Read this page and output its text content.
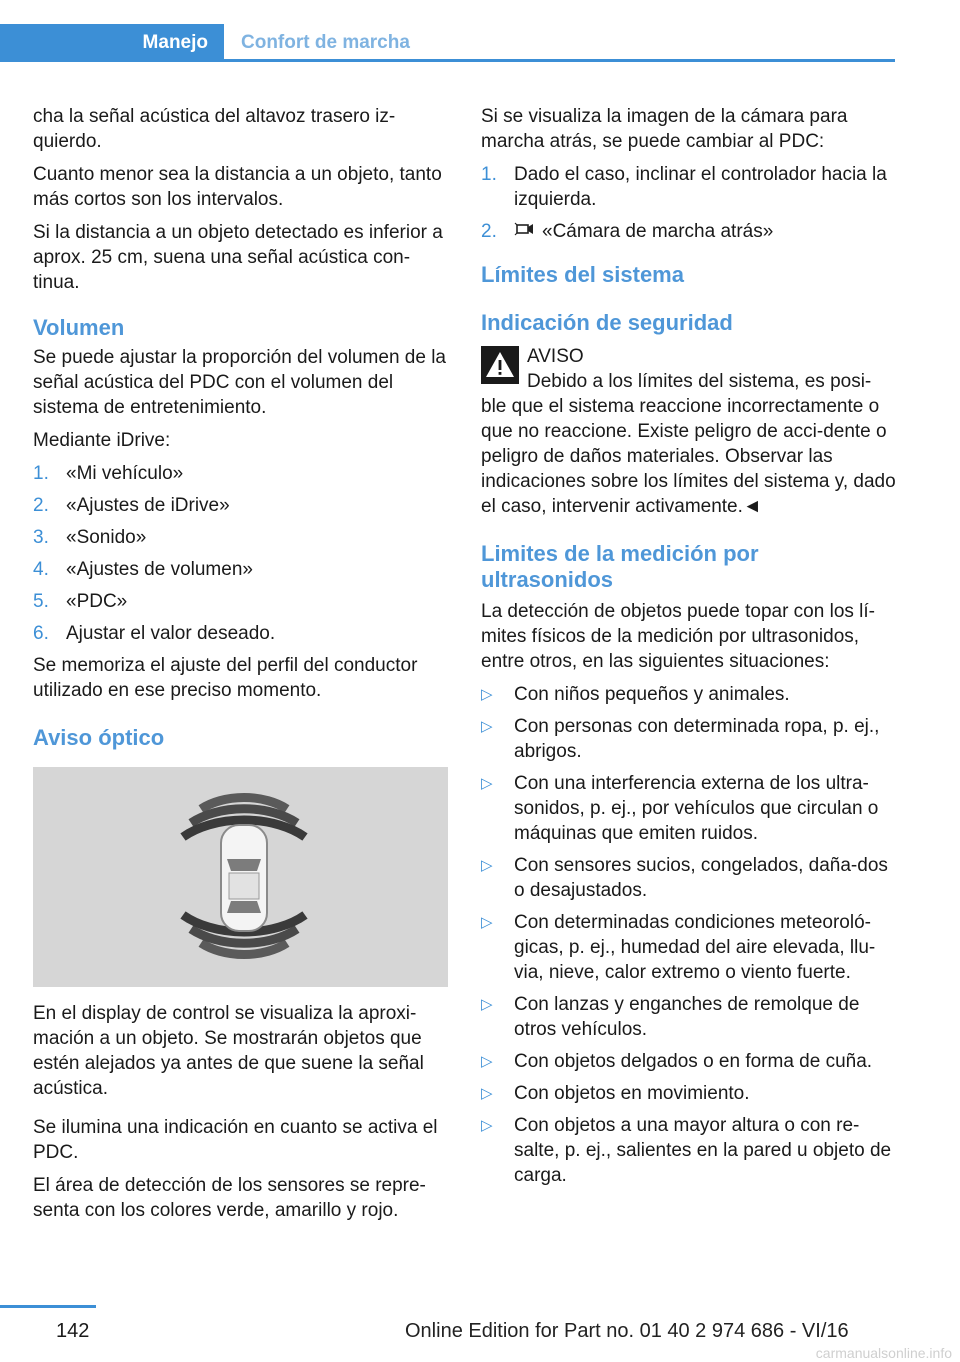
Manejo	Confort de marcha

cha la señal acústica del altavoz trasero iz‐quierdo.

Cuanto menor sea la distancia a un objeto, tanto más cortos son los intervalos.

Si la distancia a un objeto detectado es inferior a aprox. 25 cm, suena una señal acústica con‐tinua.

Volumen

Se puede ajustar la proporción del volumen de la señal acústica del PDC con el volumen del sistema de entretenimiento.

Mediante iDrive:

1. «Mi vehículo»
2. «Ajustes de iDrive»
3. «Sonido»
4. «Ajustes de volumen»
5. «PDC»
6. Ajustar el valor deseado.

Se memoriza el ajuste del perfil del conductor utilizado en ese preciso momento.

Aviso óptico

En el display de control se visualiza la aproxi‐mación a un objeto. Se mostrarán objetos que estén alejados ya antes de que suene la señal acústica.

Se ilumina una indicación en cuanto se activa el PDC.

El área de detección de los sensores se repre‐senta con los colores verde, amarillo y rojo.

Si se visualiza la imagen de la cámara para marcha atrás, se puede cambiar al PDC:

1. Dado el caso, inclinar el controlador hacia la izquierda.
2. «Cámara de marcha atrás»
Límites del sistema
Indicación de seguridad
AVISO

Debido a los límites del sistema, es posi‐ble que el sistema reaccione incorrectamente o que no reaccione. Existe peligro de acci‐dente o peligro de daños materiales. Observar las indicaciones sobre los límites del sistema y, dado el caso, intervenir activamente.◄

Limites de la medición por ultrasonidos

La detección de objetos puede topar con los lí‐mites físicos de la medición por ultrasonidos, entre otros, en las siguientes situaciones:

▷ Con niños pequeños y animales.
▷ Con personas con determinada ropa, p. ej., abrigos.
▷ Con una interferencia externa de los ultra‐sonidos, p. ej., por vehículos que circulan o máquinas que emiten ruidos.
▷ Con sensores sucios, congelados, daña‐dos o desajustados.
▷ Con determinadas condiciones meteoroló‐gicas, p. ej., humedad del aire elevada, llu‐via, nieve, calor extremo o viento fuerte.
▷ Con lanzas y enganches de remolque de otros vehículos.
▷ Con objetos delgados o en forma de cuña.
▷ Con objetos en movimiento.
▷ Con objetos a una mayor altura o con re‐salte, p. ej., salientes en la pared u objeto de carga.
142	Online Edition for Part no. 01 40 2 974 686 - VI/16
carmanualsonline.info
